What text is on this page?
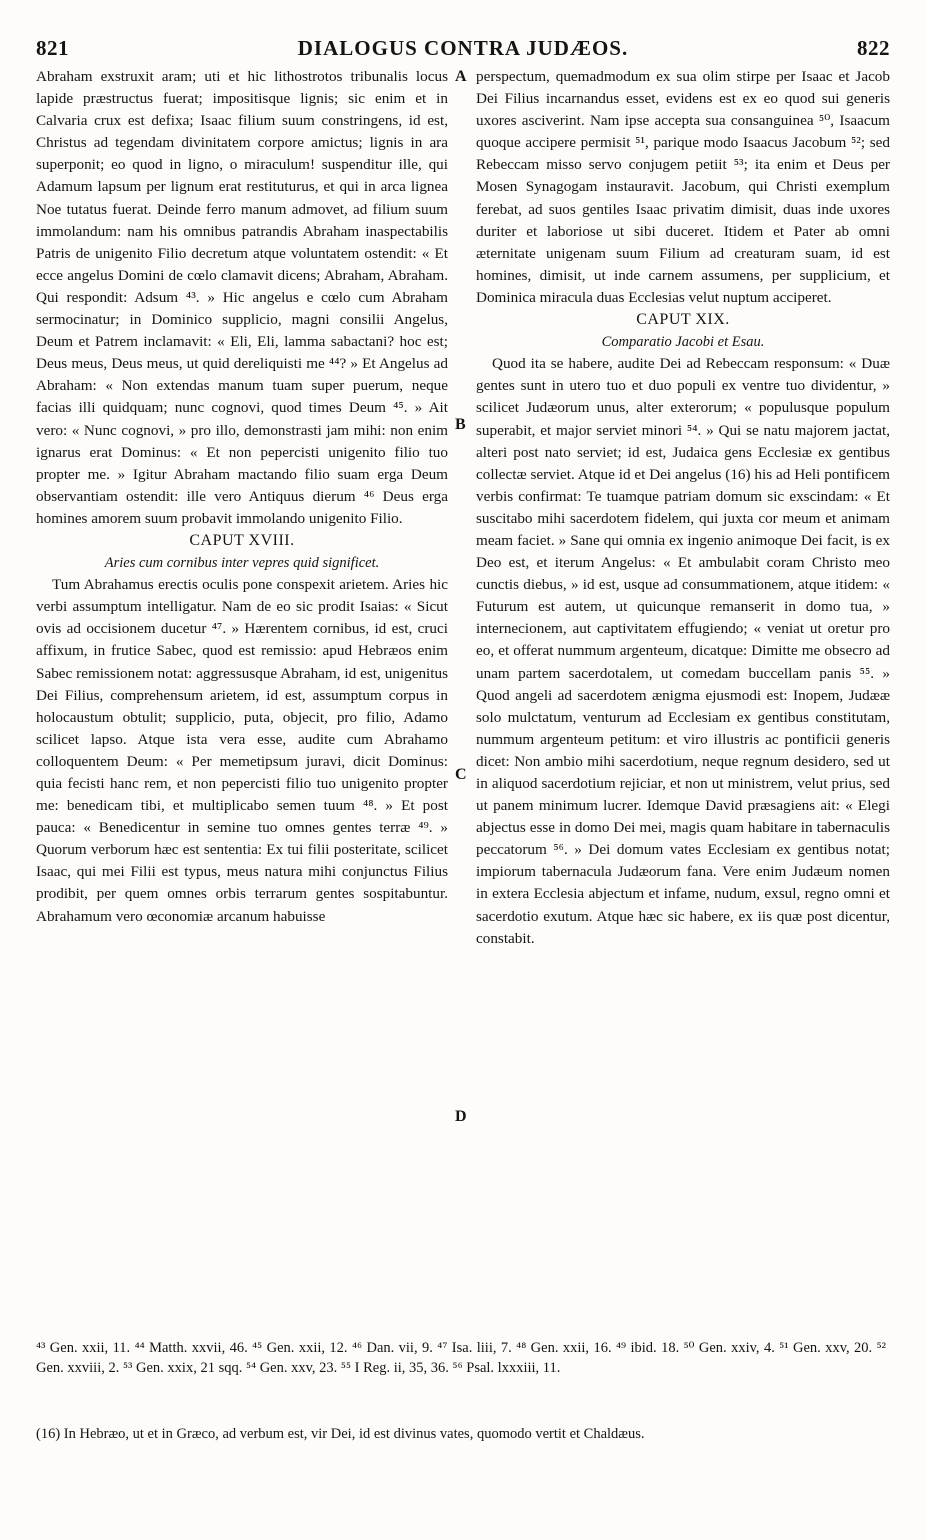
821	DIALOGUS CONTRA JUDÆOS.	822
A
B
C
D

Abraham exstruxit aram; uti et hic lithostrotos tribunalis locus lapide præstructus fuerat; impositisque lignis; sic enim et in Calvaria crux est defixa; Isaac filium suum constringens, id est, Christus ad tegendam divinitatem corpore amictus; lignis in ara superponit; eo quod in ligno, o miraculum! suspenditur ille, qui Adamum lapsum per lignum erat restituturus, et qui in arca lignea Noe tutatus fuerat. Deinde ferro manum admovet, ad filium suum immolandum: nam his omnibus patrandis Abraham inaspectabilis Patris de unigenito Filio decretum atque voluntatem ostendit: « Et ecce angelus Domini de cœlo clamavit dicens; Abraham, Abraham. Qui respondit: Adsum ⁴³. » Hic angelus e cœlo cum Abraham sermocinatur; in Dominico supplicio, magni consilii Angelus, Deum et Patrem inclamavit: « Eli, Eli, lamma sabactani? hoc est; Deus meus, Deus meus, ut quid dereliquisti me ⁴⁴? » Et Angelus ad Abraham: « Non extendas manum tuam super puerum, neque facias illi quidquam; nunc cognovi, quod times Deum ⁴⁵. » Ait vero: « Nunc cognovi, » pro illo, demonstrasti jam mihi: non enim ignarus erat Dominus: « Et non pepercisti unigenito filio tuo propter me. » Igitur Abraham mactando filio suam erga Deum observantiam ostendit: ille vero Antiquus dierum ⁴⁶ Deus erga homines amorem suum probavit immolando unigenito Filio.

CAPUT XVIII.

Aries cum cornibus inter vepres quid significet.

Tum Abrahamus erectis oculis pone conspexit arietem. Aries hic verbi assumptum intelligatur. Nam de eo sic prodit Isaias: « Sicut ovis ad occisionem ducetur ⁴⁷. » Hærentem cornibus, id est, cruci affixum, in frutice Sabec, quod est remissio: apud Hebræos enim Sabec remissionem notat: aggressusque Abraham, id est, unigenitus Dei Filius, comprehensum arietem, id est, assumptum corpus in holocaustum obtulit; supplicio, puta, objecit, pro filio, Adamo scilicet lapso. Atque ista vera esse, audite cum Abrahamo colloquentem Deum: « Per memetipsum juravi, dicit Dominus: quia fecisti hanc rem, et non pepercisti filio tuo unigenito propter me: benedicam tibi, et multiplicabo semen tuum ⁴⁸. » Et post pauca: « Benedicentur in semine tuo omnes gentes terræ ⁴⁹. » Quorum verborum hæc est sententia: Ex tui filii posteritate, scilicet Isaac, qui mei Filii est typus, meus natura mihi conjunctus Filius prodibit, per quem omnes orbis terrarum gentes sospitabuntur. Abrahamum vero œconomiæ arcanum habuisse

perspectum, quemadmodum ex sua olim stirpe per Isaac et Jacob Dei Filius incarnandus esset, evidens est ex eo quod sui generis uxores asciverint. Nam ipse accepta sua consanguinea ⁵⁰, Isaacum quoque accipere permisit ⁵¹, parique modo Isaacus Jacobum ⁵²; sed Rebeccam misso servo conjugem petiit ⁵³; ita enim et Deus per Mosen Synagogam instauravit. Jacobum, qui Christi exemplum ferebat, ad suos gentiles Isaac privatim dimisit, duas inde uxores duriter et laboriose ut sibi duceret. Itidem et Pater ab omni æternitate unigenam suum Filium ad creaturam suam, id est homines, dimisit, ut inde carnem assumens, per supplicium, et Dominica miracula duas Ecclesias velut nuptum acciperet.

CAPUT XIX.

Comparatio Jacobi et Esau.

Quod ita se habere, audite Dei ad Rebeccam responsum: « Duæ gentes sunt in utero tuo et duo populi ex ventre tuo dividentur, » scilicet Judæorum unus, alter exterorum; « populusque populum superabit, et major serviet minori ⁵⁴. » Qui se natu majorem jactat, alteri post nato serviet; id est, Judaica gens Ecclesiæ ex gentibus collectæ serviet. Atque id et Dei angelus (16) his ad Heli pontificem verbis confirmat: Te tuamque patriam domum sic exscindam: « Et suscitabo mihi sacerdotem fidelem, qui juxta cor meum et animam meam faciet. » Sane qui omnia ex ingenio animoque Dei facit, is ex Deo est, et iterum Angelus: « Et ambulabit coram Christo meo cunctis diebus, » id est, usque ad consummationem, atque itidem: « Futurum est autem, ut quicunque remanserit in domo tua, » internecionem, aut captivitatem effugiendo; « veniat ut oretur pro eo, et offerat nummum argenteum, dicatque: Dimitte me obsecro ad unam partem sacerdotalem, ut comedam buccellam panis ⁵⁵. » Quod angeli ad sacerdotem ænigma ejusmodi est: Inopem, Judææ solo mulctatum, venturum ad Ecclesiam ex gentibus constitutam, nummum argenteum petitum: et viro illustris ac pontificii generis dicet: Non ambio mihi sacerdotium, neque regnum desidero, sed ut in aliquod sacerdotium rejiciar, et non ut ministrem, velut prius, sed ut panem minimum lucrer. Idemque David præsagiens ait: « Elegi abjectus esse in domo Dei mei, magis quam habitare in tabernaculis peccatorum ⁵⁶. » Dei domum vates Ecclesiam ex gentibus notat; impiorum tabernacula Judæorum fana. Vere enim Judæum nomen in extera Ecclesia abjectum et infame, nudum, exsul, regno omni et sacerdotio exutum. Atque hæc sic habere, ex iis quæ post dicentur, constabit.

⁴³ Gen. xxii, 11. ⁴⁴ Matth. xxvii, 46. ⁴⁵ Gen. xxii, 12. ⁴⁶ Dan. vii, 9. ⁴⁷ Isa. liii, 7. ⁴⁸ Gen. xxii, 16. ⁴⁹ ibid. 18. ⁵⁰ Gen. xxiv, 4. ⁵¹ Gen. xxv, 20. ⁵² Gen. xxviii, 2. ⁵³ Gen. xxix, 21 sqq. ⁵⁴ Gen. xxv, 23. ⁵⁵ I Reg. ii, 35, 36. ⁵⁶ Psal. lxxxiii, 11.

(16) In Hebræo, ut et in Græco, ad verbum est, vir Dei, id est divinus vates, quomodo vertit et Chaldæus.
